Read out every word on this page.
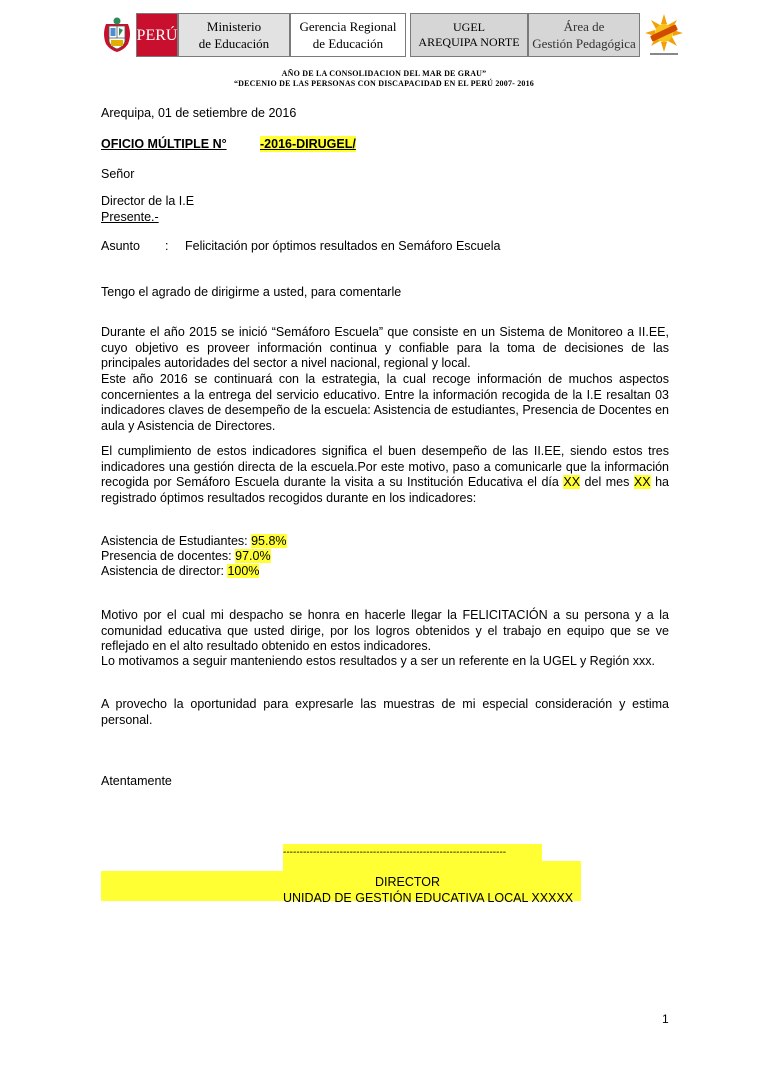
PERÚ Ministerio
de Educación
Gerencia Regional
de Educación
UGEL
AREQUIPA NORTE
Área de
Gestión Pedagógica
AÑO DE LA CONSOLIDACION DEL MAR DE GRAU”
“DECENIO DE LAS PERSONAS CON DISCAPACIDAD EN EL PERÚ 2007- 2016
Arequipa, 01 de setiembre de 2016
OFICIO MÚLTIPLE N°	-2016-DIRUGEL/
Señor
Director de la I.E
Presente.-
Asunto : Felicitación por óptimos resultados en Semáforo Escuela
Tengo el agrado de dirigirme a usted, para comentarle
Durante el año 2015 se inició “Semáforo Escuela” que consiste en un Sistema de Monitoreo a II.EE, cuyo objetivo es proveer información continua y confiable para la toma de decisiones de las principales autoridades del sector a nivel nacional, regional y local.
Este año 2016 se continuará con la estrategia, la cual recoge información de muchos aspectos concernientes a la entrega del servicio educativo. Entre la información recogida de la I.E resaltan 03 indicadores claves de desempeño de la escuela: Asistencia de estudiantes, Presencia de Docentes en aula y Asistencia de Directores.
El cumplimiento de estos indicadores significa el buen desempeño de las II.EE, siendo estos tres indicadores una gestión directa de la escuela.Por este motivo, paso a comunicarle que la información recogida por Semáforo Escuela durante la visita a su Institución Educativa el día XX del mes XX ha registrado óptimos resultados recogidos durante en los indicadores:
Asistencia de Estudiantes: 95.8%
Presencia de docentes: 97.0%
Asistencia de director: 100%
Motivo por el cual mi despacho se honra en hacerle llegar la FELICITACIÓN a su persona y a la comunidad educativa que usted dirige, por los logros obtenidos y el trabajo en equipo que se ve reflejado en el alto resultado obtenido en estos indicadores.
Lo motivamos a seguir manteniendo estos resultados y a ser un referente en la UGEL y Región xxx.
A provecho la oportunidad para expresarle las muestras de mi especial consideración y estima personal.
Atentamente
-------------------------------------------------------------------
DIRECTOR
UNIDAD DE GESTIÓN EDUCATIVA LOCAL XXXXX
1
